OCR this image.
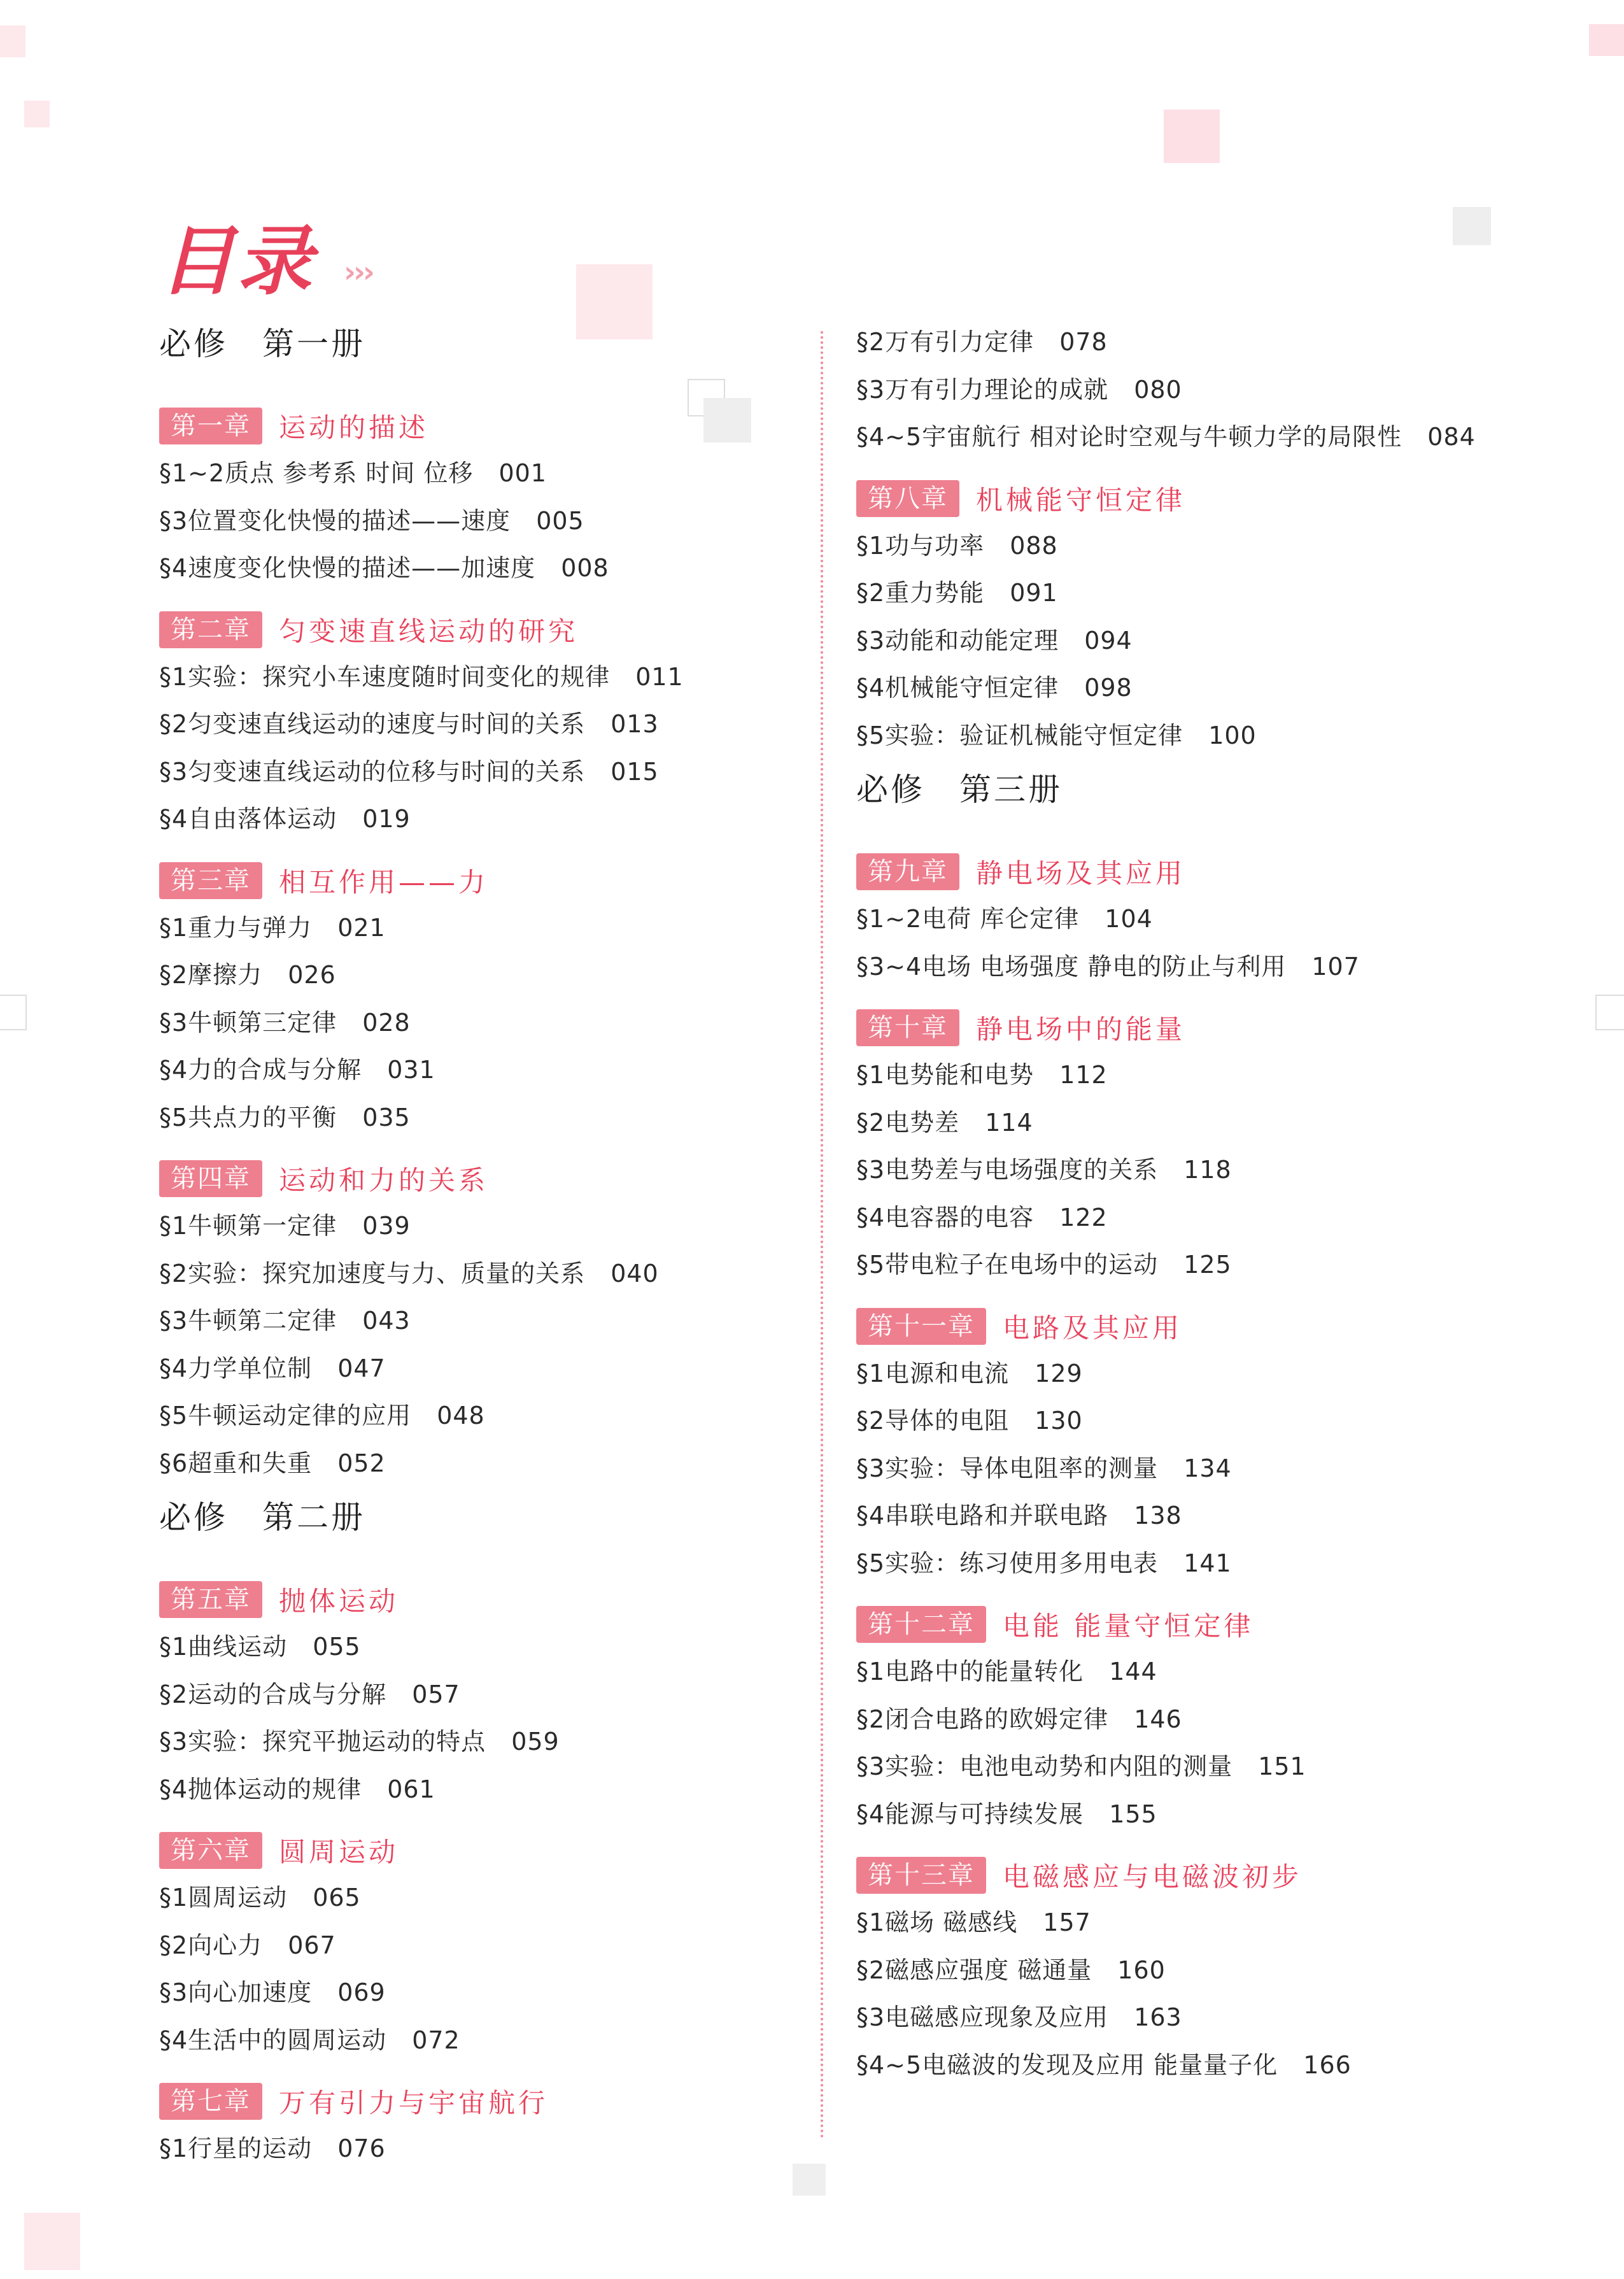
目录 ›››
必修　第一册
第一章	运动的描述
§1~2质点 参考系 时间 位移 001
§3位置变化快慢的描述——速度 005
§4速度变化快慢的描述——加速度 008
第二章	匀变速直线运动的研究
§1实验：探究小车速度随时间变化的规律 011
§2匀变速直线运动的速度与时间的关系 013
§3匀变速直线运动的位移与时间的关系 015
§4自由落体运动 019
第三章	相互作用——力
§1重力与弹力 021
§2摩擦力 026
§3牛顿第三定律 028
§4力的合成与分解 031
§5共点力的平衡 035
第四章	运动和力的关系
§1牛顿第一定律 039
§2实验：探究加速度与力、质量的关系 040
§3牛顿第二定律 043
§4力学单位制 047
§5牛顿运动定律的应用 048
§6超重和失重 052
必修　第二册
第五章	抛体运动
§1曲线运动 055
§2运动的合成与分解 057
§3实验：探究平抛运动的特点 059
§4抛体运动的规律 061
第六章	圆周运动
§1圆周运动 065
§2向心力 067
§3向心加速度 069
§4生活中的圆周运动 072
第七章	万有引力与宇宙航行
§1行星的运动 076
§2万有引力定律 078
§3万有引力理论的成就 080
§4~5宇宙航行 相对论时空观与牛顿力学的局限性 084
第八章	机械能守恒定律
§1功与功率 088
§2重力势能 091
§3动能和动能定理 094
§4机械能守恒定律 098
§5实验：验证机械能守恒定律 100
必修　第三册
第九章	静电场及其应用
§1~2电荷 库仑定律 104
§3~4电场 电场强度 静电的防止与利用 107
第十章	静电场中的能量
§1电势能和电势 112
§2电势差 114
§3电势差与电场强度的关系 118
§4电容器的电容 122
§5带电粒子在电场中的运动 125
第十一章	电路及其应用
§1电源和电流 129
§2导体的电阻 130
§3实验：导体电阻率的测量 134
§4串联电路和并联电路 138
§5实验：练习使用多用电表 141
第十二章	电能 能量守恒定律
§1电路中的能量转化 144
§2闭合电路的欧姆定律 146
§3实验：电池电动势和内阻的测量 151
§4能源与可持续发展 155
第十三章	电磁感应与电磁波初步
§1磁场 磁感线 157
§2磁感应强度 磁通量 160
§3电磁感应现象及应用 163
§4~5电磁波的发现及应用 能量量子化 166
